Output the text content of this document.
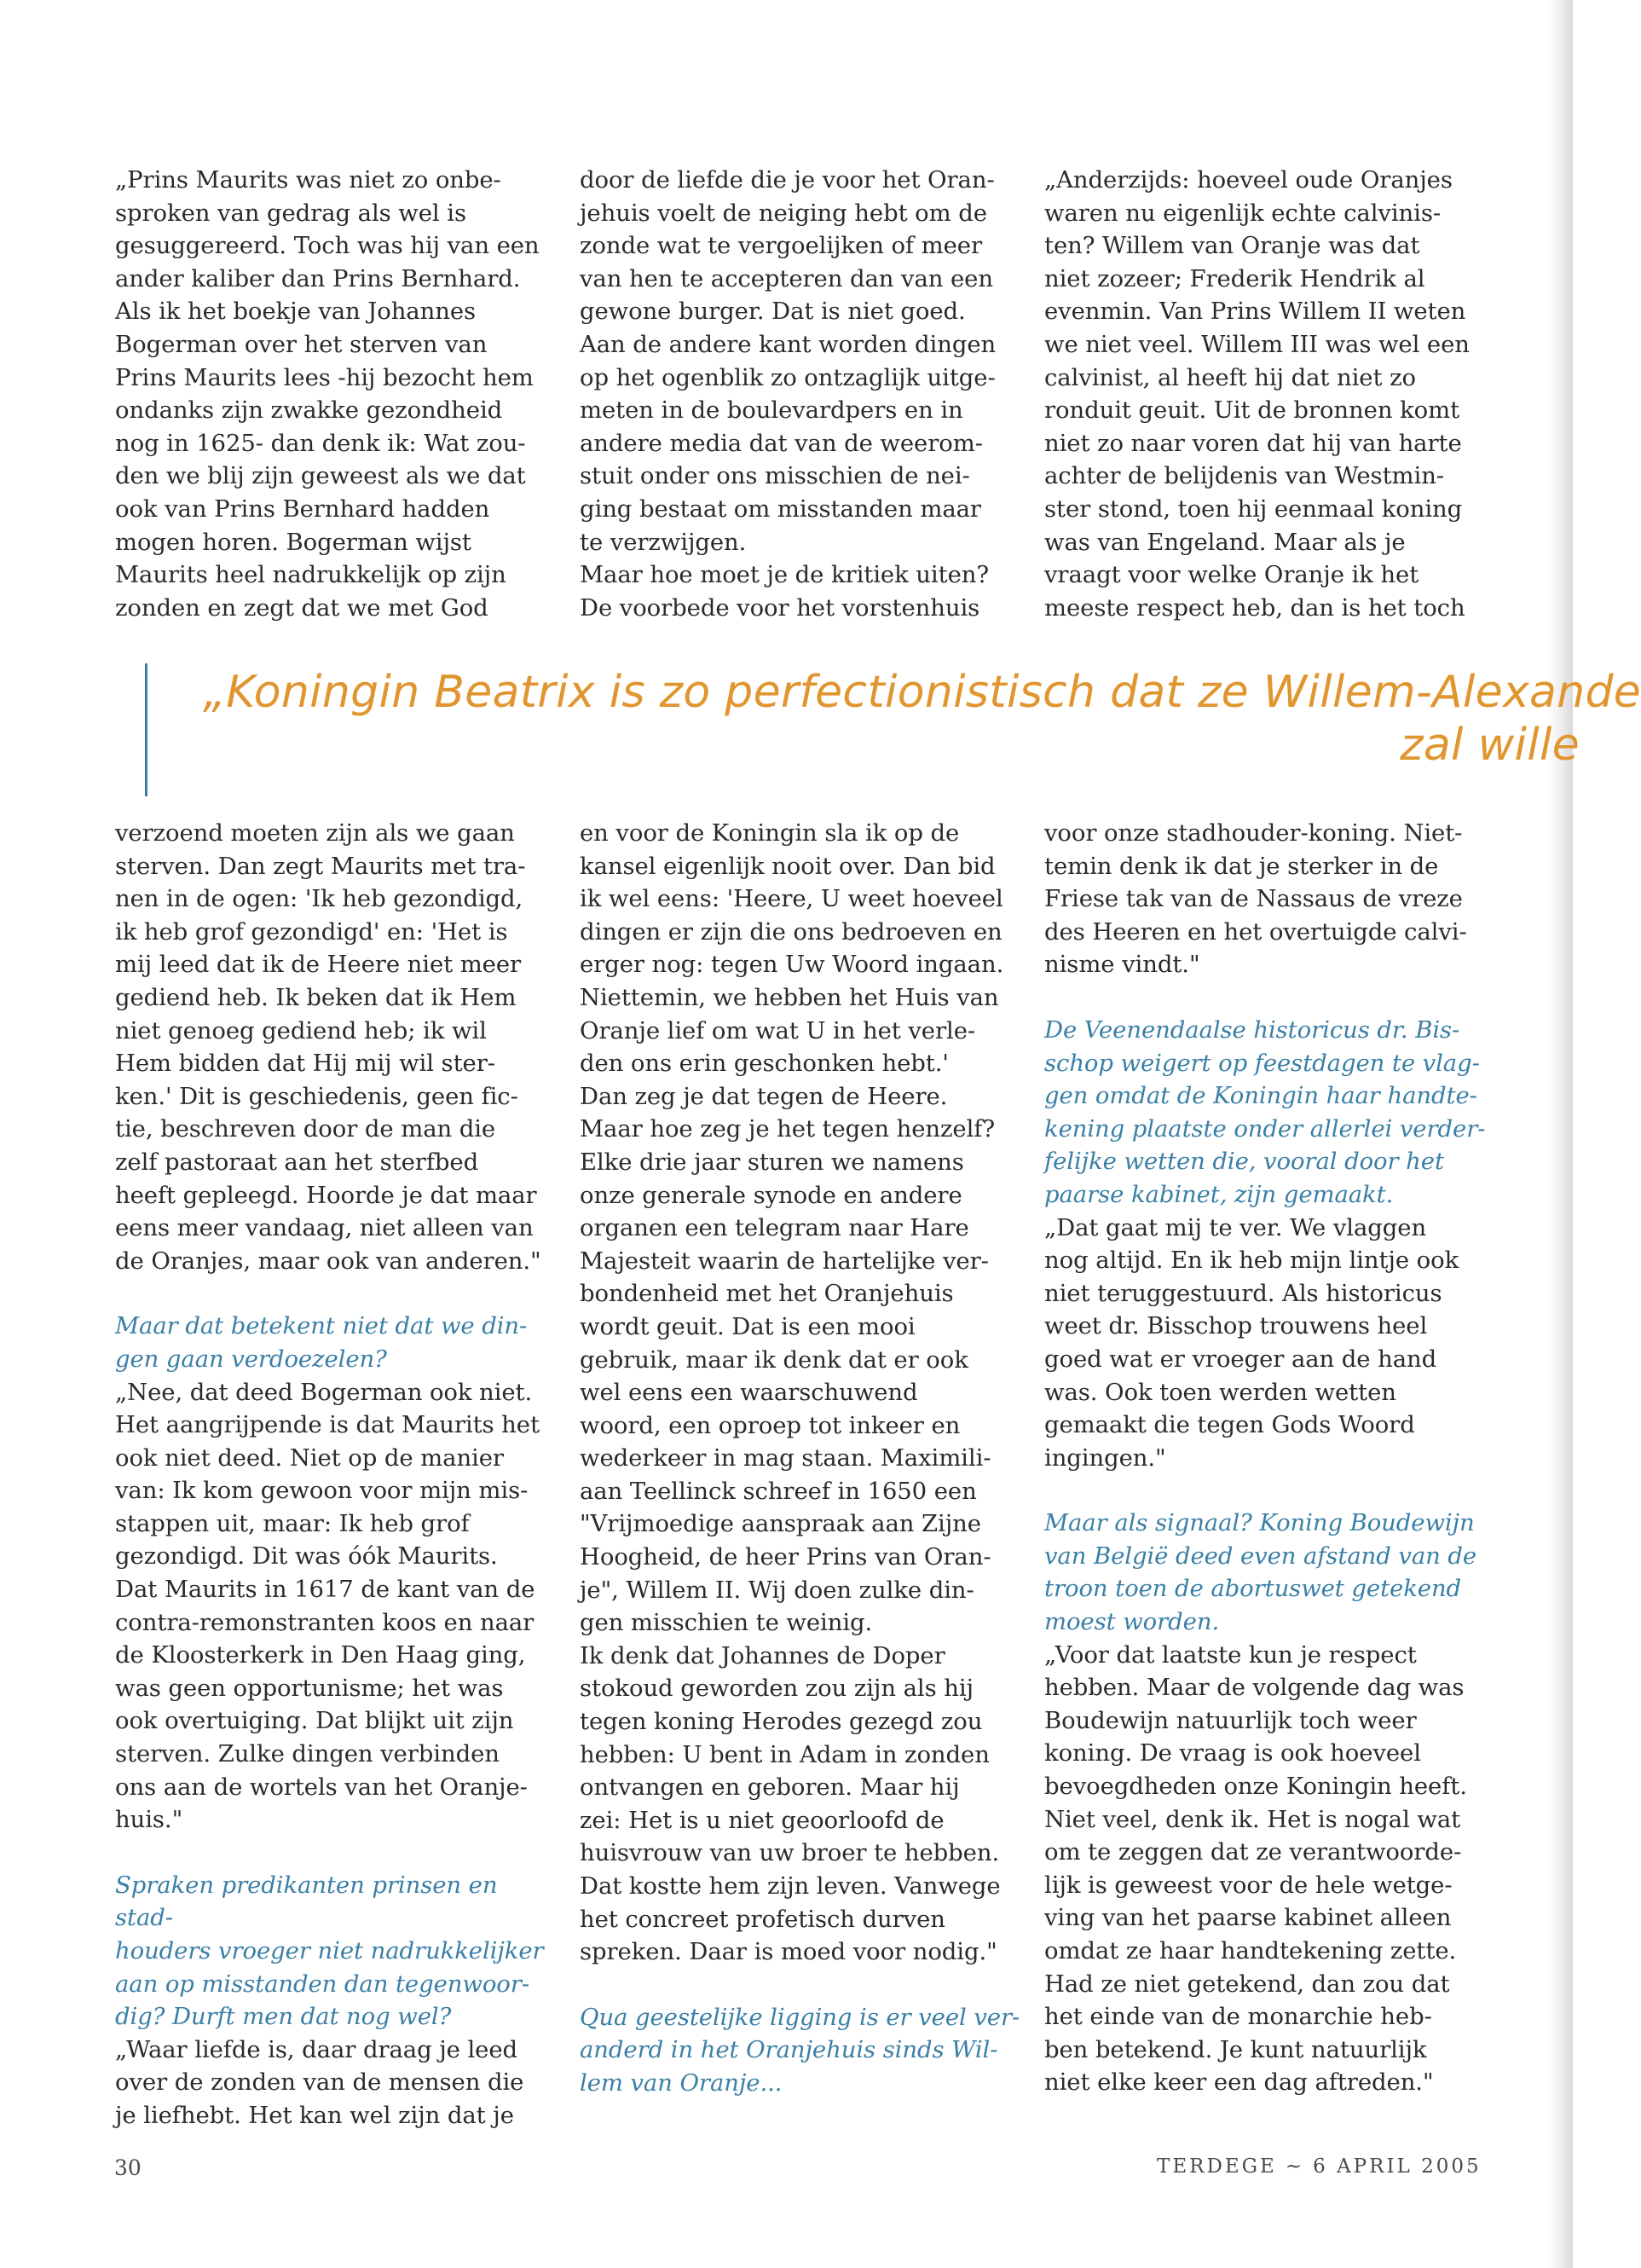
„Prins Maurits was niet zo onbe-
sproken van gedrag als wel is
gesuggereerd. Toch was hij van een
ander kaliber dan Prins Bernhard.
Als ik het boekje van Johannes
Bogerman over het sterven van
Prins Maurits lees -hij bezocht hem
ondanks zijn zwakke gezondheid
nog in 1625- dan denk ik: Wat zou-
den we blij zijn geweest als we dat
ook van Prins Bernhard hadden
mogen horen. Bogerman wijst
Maurits heel nadrukkelijk op zijn
zonden en zegt dat we met God

door de liefde die je voor het Oran-
jehuis voelt de neiging hebt om de
zonde wat te vergoelijken of meer
van hen te accepteren dan van een
gewone burger. Dat is niet goed.
Aan de andere kant worden dingen
op het ogenblik zo ontzaglijk uitge-
meten in de boulevardpers en in
andere media dat van de weerom-
stuit onder ons misschien de nei-
ging bestaat om misstanden maar
te verzwijgen.

Maar hoe moet je de kritiek uiten?
De voorbede voor het vorstenhuis

„Anderzijds: hoeveel oude Oranjes
waren nu eigenlijk echte calvinis-
ten? Willem van Oranje was dat
niet zozeer; Frederik Hendrik al
evenmin. Van Prins Willem II weten
we niet veel. Willem III was wel een
calvinist, al heeft hij dat niet zo
ronduit geuit. Uit de bronnen komt
niet zo naar voren dat hij van harte
achter de belijdenis van Westmin-
ster stond, toen hij eenmaal koning
was van Engeland. Maar als je
vraagt voor welke Oranje ik het
meeste respect heb, dan is het toch

„Koningin Beatrix is zo perfectionistisch dat ze Willem-Alexande
zal wille

verzoend moeten zijn als we gaan
sterven. Dan zegt Maurits met tra-
nen in de ogen: 'Ik heb gezondigd,
ik heb grof gezondigd' en: 'Het is
mij leed dat ik de Heere niet meer
gediend heb. Ik beken dat ik Hem
niet genoeg gediend heb; ik wil
Hem bidden dat Hij mij wil ster-
ken.' Dit is geschiedenis, geen fic-
tie, beschreven door de man die
zelf pastoraat aan het sterfbed
heeft gepleegd. Hoorde je dat maar
eens meer vandaag, niet alleen van
de Oranjes, maar ook van anderen."

Maar dat betekent niet dat we din-
gen gaan verdoezelen?

„Nee, dat deed Bogerman ook niet.
Het aangrijpende is dat Maurits het
ook niet deed. Niet op de manier
van: Ik kom gewoon voor mijn mis-
stappen uit, maar: Ik heb grof
gezondigd. Dit was óók Maurits.
Dat Maurits in 1617 de kant van de
contra-remonstranten koos en naar
de Kloosterkerk in Den Haag ging,
was geen opportunisme; het was
ook overtuiging. Dat blijkt uit zijn
sterven. Zulke dingen verbinden
ons aan de wortels van het Oranje-
huis."

Spraken predikanten prinsen en stad-
houders vroeger niet nadrukkelijker
aan op misstanden dan tegenwoor-
dig? Durft men dat nog wel?

„Waar liefde is, daar draag je leed
over de zonden van de mensen die
je liefhebt. Het kan wel zijn dat je

en voor de Koningin sla ik op de
kansel eigenlijk nooit over. Dan bid
ik wel eens: 'Heere, U weet hoeveel
dingen er zijn die ons bedroeven en
erger nog: tegen Uw Woord ingaan.
Niettemin, we hebben het Huis van
Oranje lief om wat U in het verle-
den ons erin geschonken hebt.'
Dan zeg je dat tegen de Heere.
Maar hoe zeg je het tegen henzelf?
Elke drie jaar sturen we namens
onze generale synode en andere
organen een telegram naar Hare
Majesteit waarin de hartelijke ver-
bondenheid met het Oranjehuis
wordt geuit. Dat is een mooi
gebruik, maar ik denk dat er ook
wel eens een waarschuwend
woord, een oproep tot inkeer en
wederkeer in mag staan. Maximili-
aan Teellinck schreef in 1650 een
"Vrijmoedige aanspraak aan Zijne
Hoogheid, de heer Prins van Oran-
je", Willem II. Wij doen zulke din-
gen misschien te weinig.
Ik denk dat Johannes de Doper
stokoud geworden zou zijn als hij
tegen koning Herodes gezegd zou
hebben: U bent in Adam in zonden
ontvangen en geboren. Maar hij
zei: Het is u niet geoorloofd de
huisvrouw van uw broer te hebben.
Dat kostte hem zijn leven. Vanwege
het concreet profetisch durven
spreken. Daar is moed voor nodig."

Qua geestelijke ligging is er veel ver-
anderd in het Oranjehuis sinds Wil-
lem van Oranje...

voor onze stadhouder-koning. Niet-
temin denk ik dat je sterker in de
Friese tak van de Nassaus de vreze
des Heeren en het overtuigde calvi-
nisme vindt."

De Veenendaalse historicus dr. Bis-
schop weigert op feestdagen te vlag-
gen omdat de Koningin haar handte-
kening plaatste onder allerlei verder-
felijke wetten die, vooral door het
paarse kabinet, zijn gemaakt.

„Dat gaat mij te ver. We vlaggen
nog altijd. En ik heb mijn lintje ook
niet teruggestuurd. Als historicus
weet dr. Bisschop trouwens heel
goed wat er vroeger aan de hand
was. Ook toen werden wetten
gemaakt die tegen Gods Woord
ingingen."

Maar als signaal? Koning Boudewijn
van België deed even afstand van de
troon toen de abortuswet getekend
moest worden.

„Voor dat laatste kun je respect
hebben. Maar de volgende dag was
Boudewijn natuurlijk toch weer
koning. De vraag is ook hoeveel
bevoegdheden onze Koningin heeft.
Niet veel, denk ik. Het is nogal wat
om te zeggen dat ze verantwoorde-
lijk is geweest voor de hele wetge-
ving van het paarse kabinet alleen
omdat ze haar handtekening zette.
Had ze niet getekend, dan zou dat
het einde van de monarchie heb-
ben betekend. Je kunt natuurlijk
niet elke keer een dag aftreden."

30	TERDEGE ~ 6 APRIL 2005
